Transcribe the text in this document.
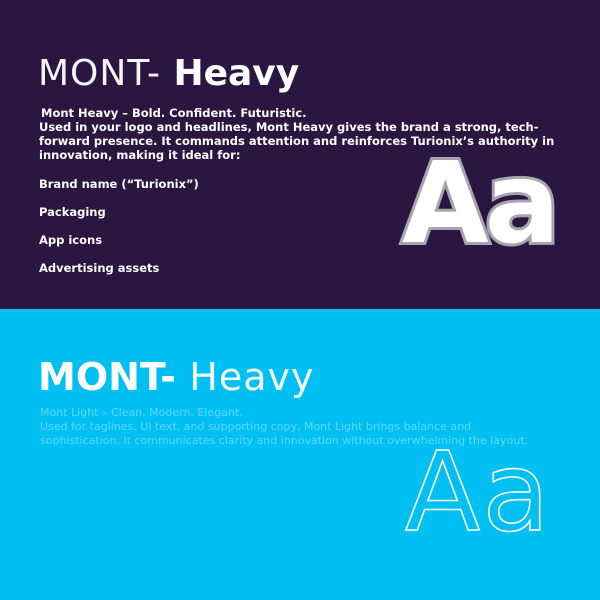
MONT- Heavy
Mont Heavy – Bold. Confident. Futuristic.
Used in your logo and headlines, Mont Heavy gives the brand a strong, tech-forward presence. It commands attention and reinforces Turionix’s authority in innovation, making it ideal for:
Brand name (“Turionix”)
Packaging
App icons
Advertising assets	Aa
MONT- Heavy
Mont Light – Clean. Modern. Elegant.
Used for taglines, UI text, and supporting copy, Mont Light brings balance and sophistication. It communicates clarity and innovation without overwhelming the layout.
Aa
